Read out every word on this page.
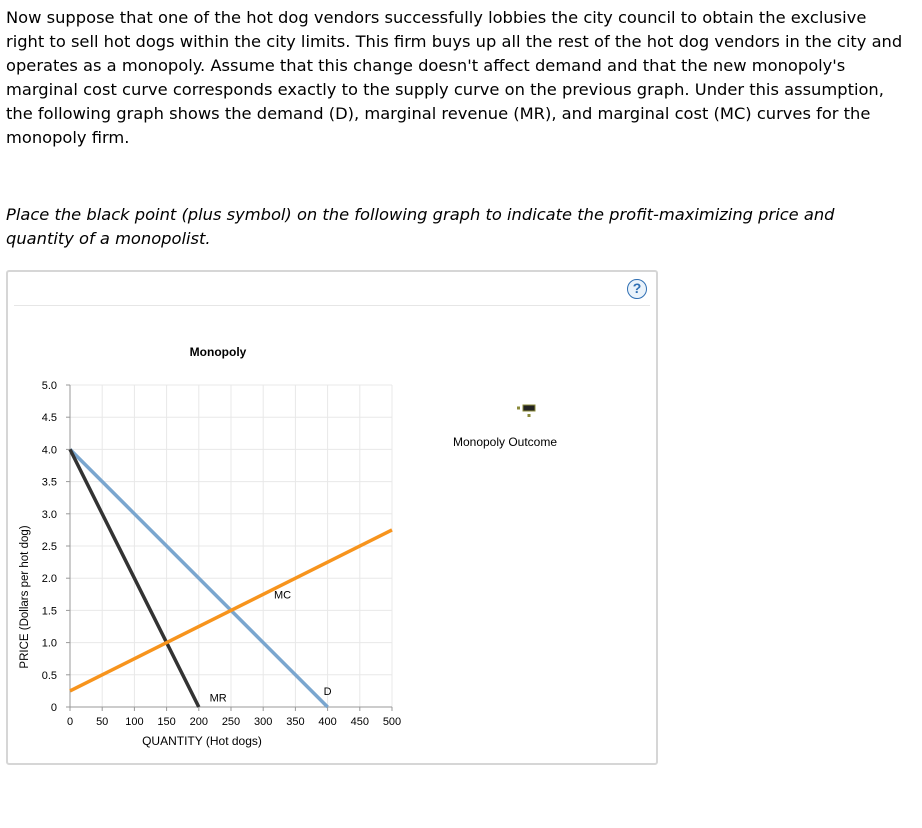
Now suppose that one of the hot dog vendors successfully lobbies the city council to obtain the exclusive right to sell hot dogs within the city limits. This firm buys up all the rest of the hot dog vendors in the city and operates as a monopoly. Assume that this change doesn't affect demand and that the new monopoly's marginal cost curve corresponds exactly to the supply curve on the previous graph. Under this assumption, the following graph shows the demand (D), marginal revenue (MR), and marginal cost (MC) curves for the monopoly firm.

Place the black point (plus symbol) on the following graph to indicate the profit-maximizing price and quantity of a monopolist.

?
0
0.5
1.0
1.5
2.0
2.5
3.0
3.5
4.0
4.5
5.0
0 50 100 150 200 250 300 350 400 450 500
D
MR
MC
Monopoly
QUANTITY (Hot dogs)
PRICE (Dollars per hot dog)
Monopoly Outcome
